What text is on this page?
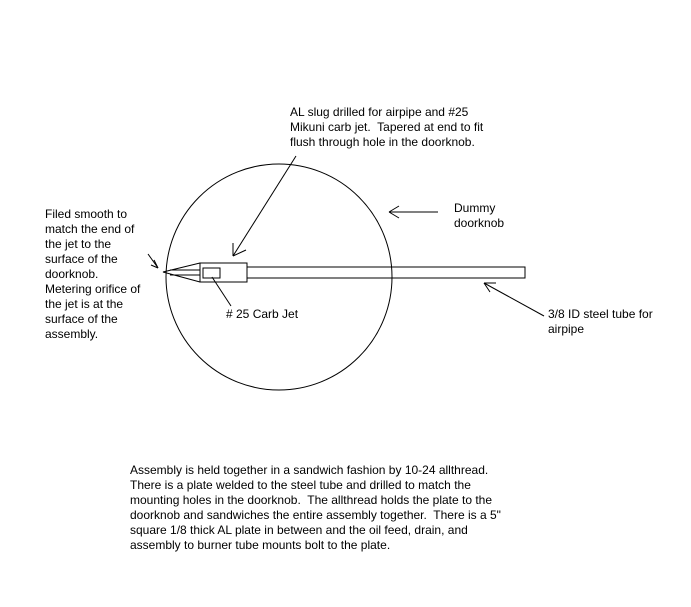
AL slug drilled for airpipe and #25
Mikuni carb jet.  Tapered at end to fit
flush through hole in the doorknob.
Filed smooth to
match the end of
the jet to the
surface of the
doorknob.
Metering orifice of
the jet is at the
surface of the
assembly.
Dummy
doorknob
# 25 Carb Jet	3/8 ID steel tube for
airpipe
Assembly is held together in a sandwich fashion by 10-24 allthread.
There is a plate welded to the steel tube and drilled to match the
mounting holes in the doorknob.  The allthread holds the plate to the
doorknob and sandwiches the entire assembly together.  There is a 5"
square 1/8 thick AL plate in between and the oil feed, drain, and
assembly to burner tube mounts bolt to the plate.
